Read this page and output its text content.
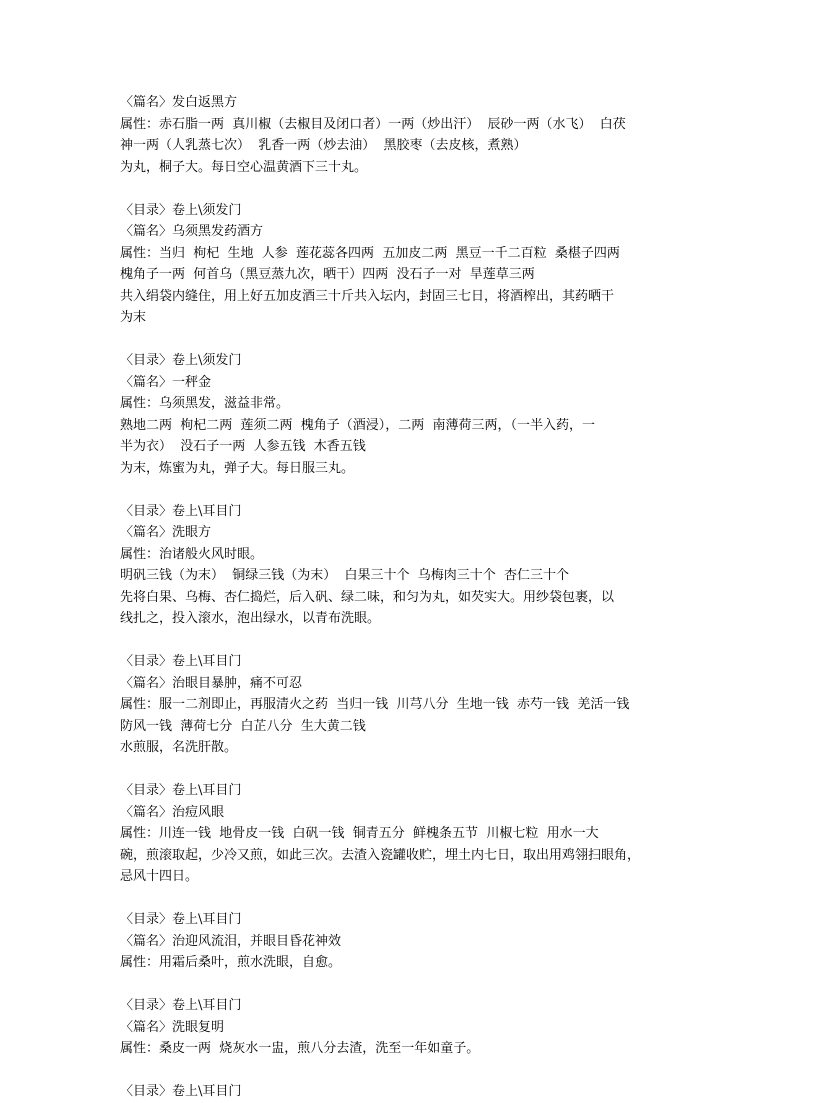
〈篇名〉发白返黑方
属性：赤石脂一两  真川椒（去椒目及闭口者）一两（炒出汗）  辰砂一两（水飞）  白茯
神一两（人乳蒸七次）  乳香一两（炒去油）  黑胶枣（去皮核，煮熟）
为丸，桐子大。每日空心温黄酒下三十丸。
〈目录〉卷上\须发门
〈篇名〉乌须黑发药酒方
属性：当归  枸杞  生地  人参  莲花蕊各四两  五加皮二两  黑豆一千二百粒  桑椹子四两
槐角子一两  何首乌（黑豆蒸九次，晒干）四两  没石子一对  旱莲草三两
共入绢袋内缝住，用上好五加皮酒三十斤共入坛内，封固三七日，将酒榨出，其药晒干
为末
〈目录〉卷上\须发门
〈篇名〉一秤金
属性：乌须黑发，滋益非常。
熟地二两  枸杞二两  莲须二两  槐角子（酒浸），二两  南薄荷三两，（一半入药，一
半为衣）  没石子一两  人参五钱  木香五钱
为末，炼蜜为丸，弹子大。每日服三丸。
〈目录〉卷上\耳目门
〈篇名〉洗眼方
属性：治诸般火风时眼。
明矾三钱（为末）  铜绿三钱（为末）  白果三十个  乌梅肉三十个  杏仁三十个
先将白果、乌梅、杏仁捣烂，后入矾、绿二味，和匀为丸，如芡实大。用纱袋包裹，以
线扎之，投入滚水，泡出绿水，以青布洗眼。
〈目录〉卷上\耳目门
〈篇名〉治眼目暴肿，痛不可忍
属性：服一二剂即止，再服清火之药  当归一钱  川芎八分  生地一钱  赤芍一钱  羌活一钱
防风一钱  薄荷七分  白芷八分  生大黄二钱
水煎服，名洗肝散。
〈目录〉卷上\耳目门
〈篇名〉治痘风眼
属性：川连一钱  地骨皮一钱  白矾一钱  铜青五分  鲜槐条五节  川椒七粒  用水一大
碗，煎滚取起，少冷又煎，如此三次。去渣入瓷罐收贮，埋土内七日，取出用鸡翎扫眼角，
忌风十四日。
〈目录〉卷上\耳目门
〈篇名〉治迎风流泪，并眼目昏花神效
属性：用霜后桑叶，煎水洗眼，自愈。
〈目录〉卷上\耳目门
〈篇名〉洗眼复明
属性：桑皮一两  烧灰水一盅，煎八分去渣，洗至一年如童子。
〈目录〉卷上\耳目门
